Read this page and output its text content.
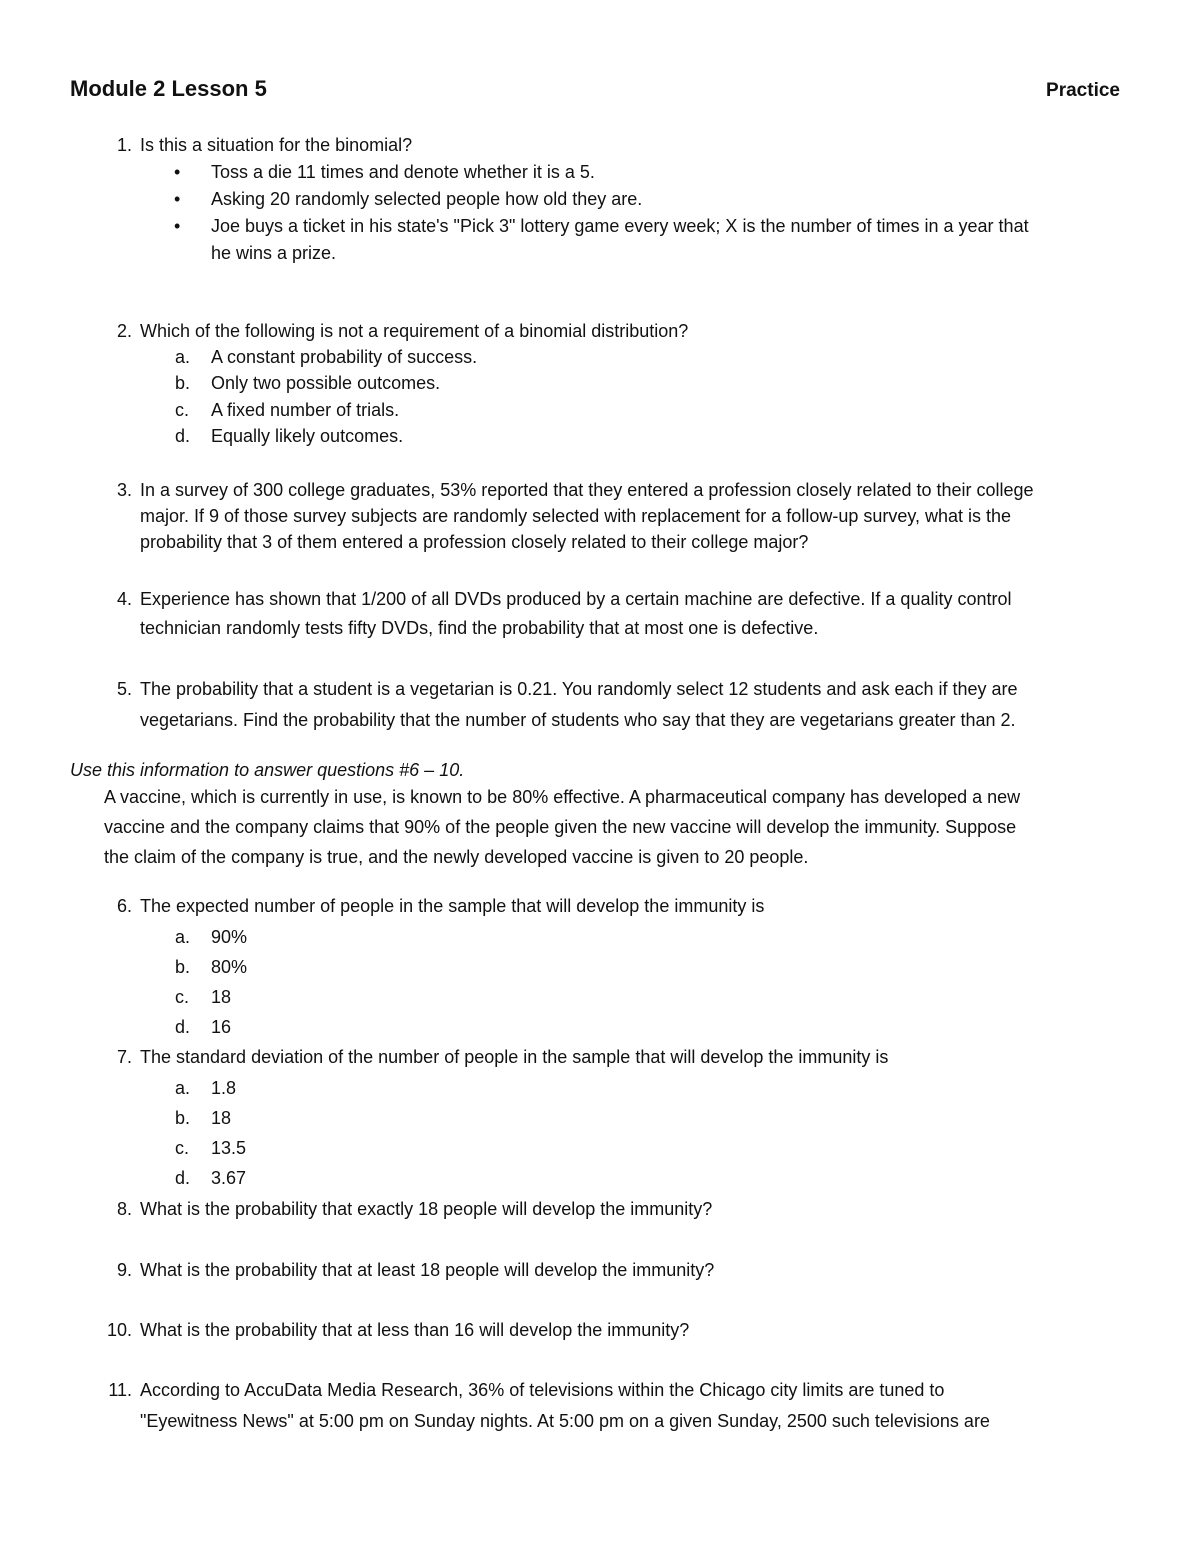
Module 2 Lesson 5	Practice
1. Is this a situation for the binomial?
• Toss a die 11 times and denote whether it is a 5.
• Asking 20 randomly selected people how old they are.
• Joe buys a ticket in his state's "Pick 3" lottery game every week; X is the number of times in a year that
he wins a prize.
2. Which of the following is not a requirement of a binomial distribution?
a. A constant probability of success.
b. Only two possible outcomes.
c. A fixed number of trials.
d. Equally likely outcomes.
3. In a survey of 300 college graduates, 53% reported that they entered a profession closely related to their college
major. If 9 of those survey subjects are randomly selected with replacement for a follow-up survey, what is the
probability that 3 of them entered a profession closely related to their college major?
4. Experience has shown that 1/200 of all DVDs produced by a certain machine are defective. If a quality control
technician randomly tests fifty DVDs, find the probability that at most one is defective.
5. The probability that a student is a vegetarian is 0.21. You randomly select 12 students and ask each if they are
vegetarians. Find the probability that the number of students who say that they are vegetarians greater than 2.
Use this information to answer questions #6 – 10.
A vaccine, which is currently in use, is known to be 80% effective. A pharmaceutical company has developed a new
vaccine and the company claims that 90% of the people given the new vaccine will develop the immunity. Suppose
the claim of the company is true, and the newly developed vaccine is given to 20 people.
6. The expected number of people in the sample that will develop the immunity is
a. 90%
b. 80%
c. 18
d. 16
7. The standard deviation of the number of people in the sample that will develop the immunity is
a. 1.8
b. 18
c. 13.5
d. 3.67
8. What is the probability that exactly 18 people will develop the immunity?
9. What is the probability that at least 18 people will develop the immunity?
10. What is the probability that at less than 16 will develop the immunity?
11. According to AccuData Media Research, 36% of televisions within the Chicago city limits are tuned to
"Eyewitness News" at 5:00 pm on Sunday nights. At 5:00 pm on a given Sunday, 2500 such televisions are
